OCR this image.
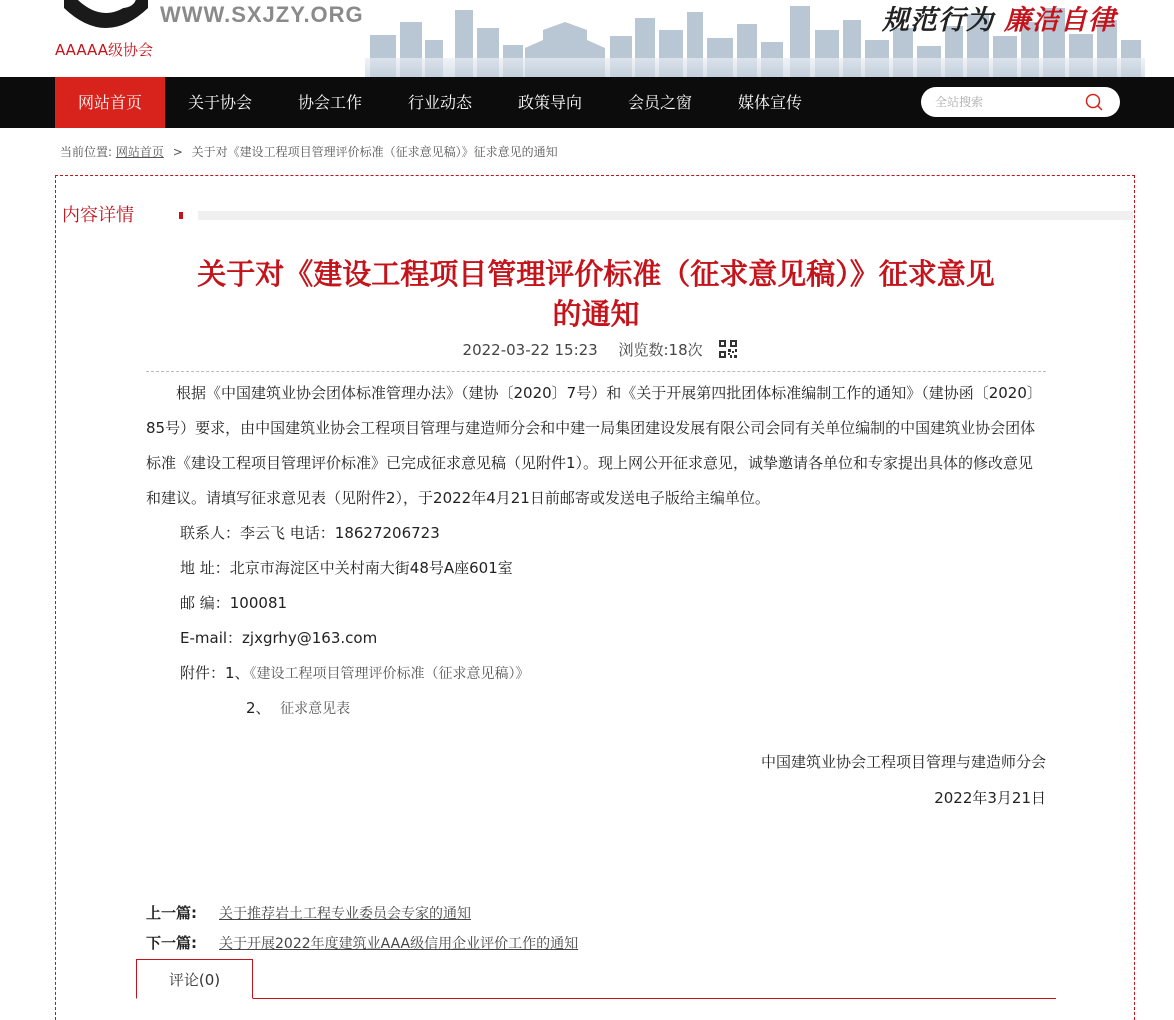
WWW.SXJZY.ORG
AAAAA级协会
规范行为 廉洁自律
网站首页	关于协会	协会工作	行业动态	政策导向	会员之窗	媒体宣传
全站搜索
当前位置: 网站首页 > 关于对《建设工程项目管理评价标准（征求意见稿）》征求意见的通知
内容详情
关于对《建设工程项目管理评价标准（征求意见稿）》征求意见的通知
2022-03-22 15:23 浏览数:18次

根据《中国建筑业协会团体标准管理办法》（建协〔2020〕7号）和《关于开展第四批团体标准编制工作的通知》（建协函〔2020〕85号）要求，由中国建筑业协会工程项目管理与建造师分会和中建一局集团建设发展有限公司会同有关单位编制的中国建筑业协会团体标准《建设工程项目管理评价标准》已完成征求意见稿（见附件1）。现上网公开征求意见，诚挚邀请各单位和专家提出具体的修改意见和建议。请填写征求意见表（见附件2），于2022年4月21日前邮寄或发送电子版给主编单位。

联系人：李云飞 电话：18627206723
地 址：北京市海淀区中关村南大街48号A座601室
邮 编：100081
E-mail：zjxgrhy@163.com
附件：1、《建设工程项目管理评价标准（征求意见稿）》
2、 征求意见表
中国建筑业协会工程项目管理与建造师分会
2022年3月21日
上一篇: 关于推荐岩土工程专业委员会专家的通知
下一篇: 关于开展2022年度建筑业AAA级信用企业评价工作的通知
评论(0)
